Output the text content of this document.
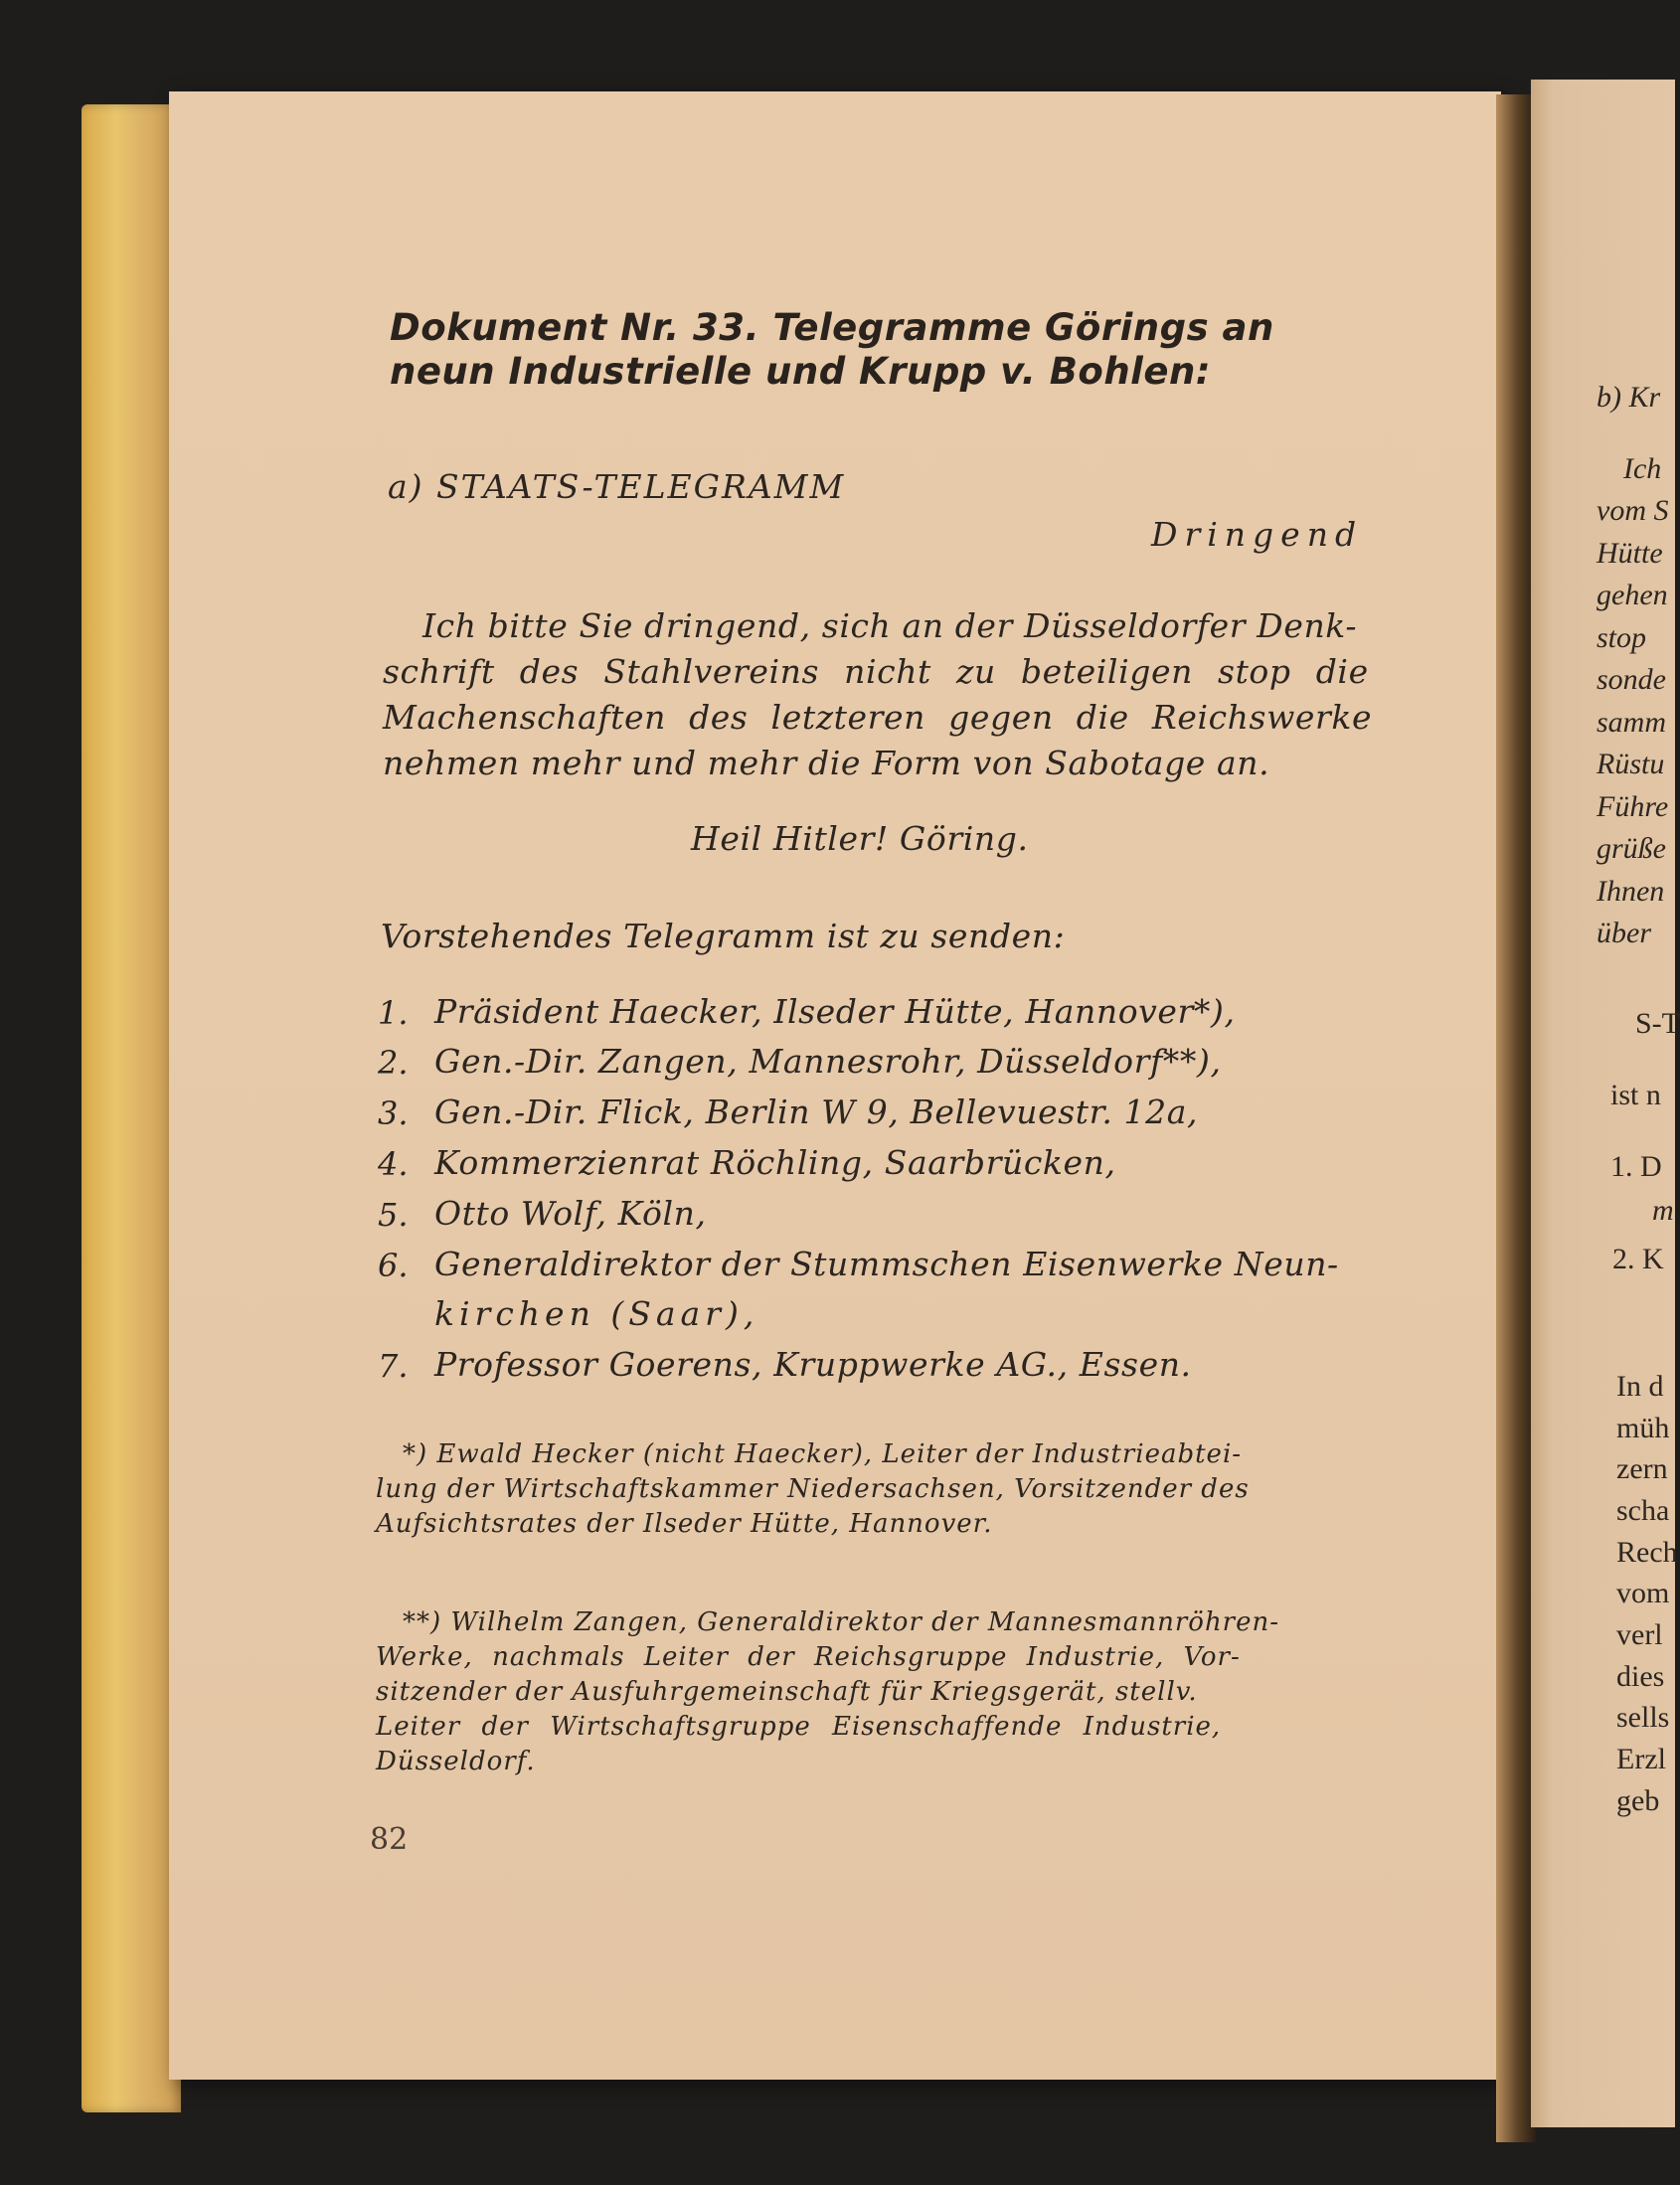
Dokument Nr. 33. Telegramme Görings an
neun Industrielle und Krupp v. Bohlen:
a) STAATS-TELEGRAMM
Dringend
Ich bitte Sie dringend, sich an der Düsseldorfer Denk-
schrift des Stahlvereins nicht zu beteiligen stop die
Machenschaften des letzteren gegen die Reichswerke
nehmen mehr und mehr die Form von Sabotage an.
Heil Hitler! Göring.
Vorstehendes Telegramm ist zu senden:
1. Präsident Haecker, Ilseder Hütte, Hannover*),
2. Gen.-Dir. Zangen, Mannesrohr, Düsseldorf**),
3. Gen.-Dir. Flick, Berlin W 9, Bellevuestr. 12a,
4. Kommerzienrat Röchling, Saarbrücken,
5. Otto Wolf, Köln,
6. Generaldirektor der Stummschen Eisenwerke Neun-
kirchen (Saar),
7. Professor Goerens, Kruppwerke AG., Essen.
*) Ewald Hecker (nicht Haecker), Leiter der Industrieabtei-
lung der Wirtschaftskammer Niedersachsen, Vorsitzender des
Aufsichtsrates der Ilseder Hütte, Hannover.
**) Wilhelm Zangen, Generaldirektor der Mannesmannröhren-
Werke, nachmals Leiter der Reichsgruppe Industrie, Vor-
sitzender der Ausfuhrgemeinschaft für Kriegsgerät, stellv.
Leiter der Wirtschaftsgruppe Eisenschaffende Industrie,
Düsseldorf.
82
b) Kr
Ich
vom S
Hütte
gehen
stop
sonde
samm
Rüstu
Führe
grüße
Ihnen
über
S-T
ist n
1. D
m
2. K
In d
müh
zern
scha
Rech
vom
verl
dies
sells
Erzl
geb
